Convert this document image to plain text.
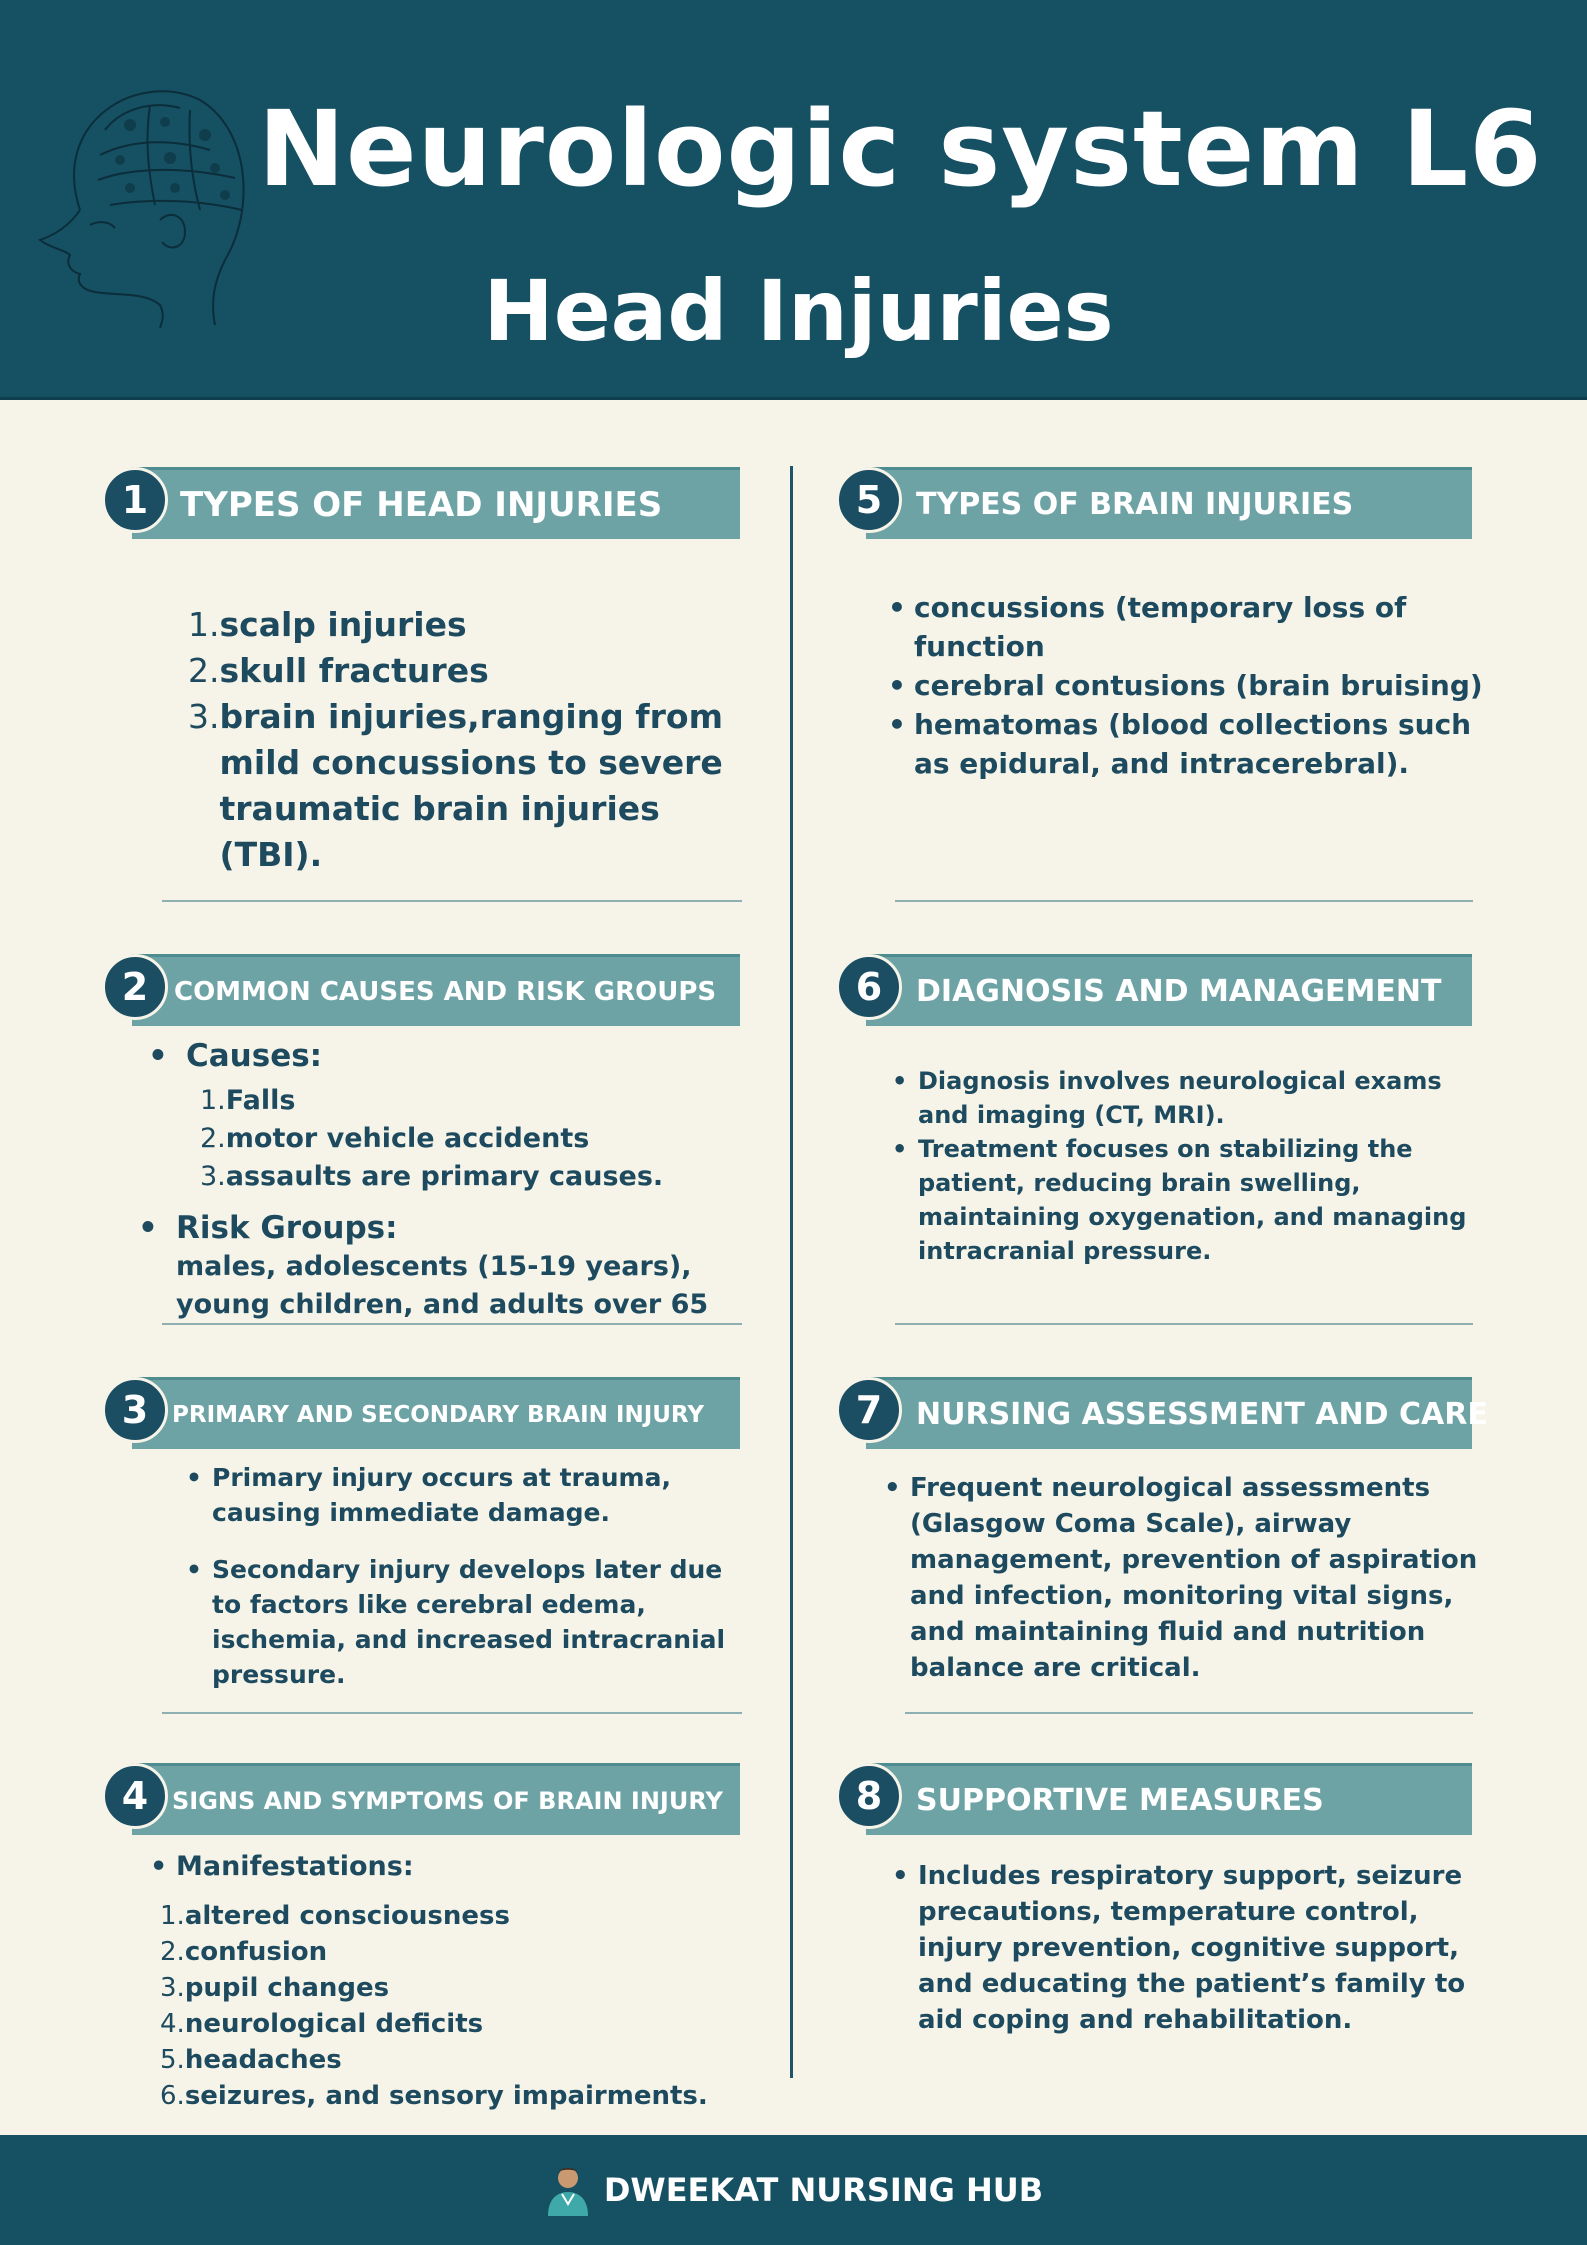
Neurologic system L6
Head Injuries
1 TYPES OF HEAD INJURIES
1. scalp injuries
2. skull fractures
3. brain injuries,ranging from mild concussions to severe traumatic brain injuries (TBI).
2 COMMON CAUSES AND RISK GROUPS
• Causes:
1. Falls
2. motor vehicle accidents
3. assaults are primary causes.
• Risk Groups:
males, adolescents (15-19 years), young children, and adults over 65
3	PRIMARY AND SECONDARY BRAIN INJURY
• Primary injury occurs at trauma, causing immediate damage.
• Secondary injury develops later due to factors like cerebral edema, ischemia, and increased intracranial pressure.
4 SIGNS AND SYMPTOMS OF BRAIN INJURY
• Manifestations:
1. altered consciousness
2. confusion
3. pupil changes
4. neurological deficits
5. headaches
6. seizures, and sensory impairments.
5	TYPES OF BRAIN INJURIES
• concussions (temporary loss of function
• cerebral contusions (brain bruising)
• hematomas (blood collections such as epidural, and intracerebral).
6	DIAGNOSIS AND MANAGEMENT
• Diagnosis involves neurological exams and imaging (CT, MRI).
• Treatment focuses on stabilizing the patient, reducing brain swelling, maintaining oxygenation, and managing intracranial pressure.
7	NURSING ASSESSMENT AND CARE
• Frequent neurological assessments (Glasgow Coma Scale), airway management, prevention of aspiration and infection, monitoring vital signs, and maintaining fluid and nutrition balance are critical.
8	SUPPORTIVE MEASURES
• Includes respiratory support, seizure precautions, temperature control, injury prevention, cognitive support, and educating the patient’s family to aid coping and rehabilitation.
DWEEKAT NURSING HUB
